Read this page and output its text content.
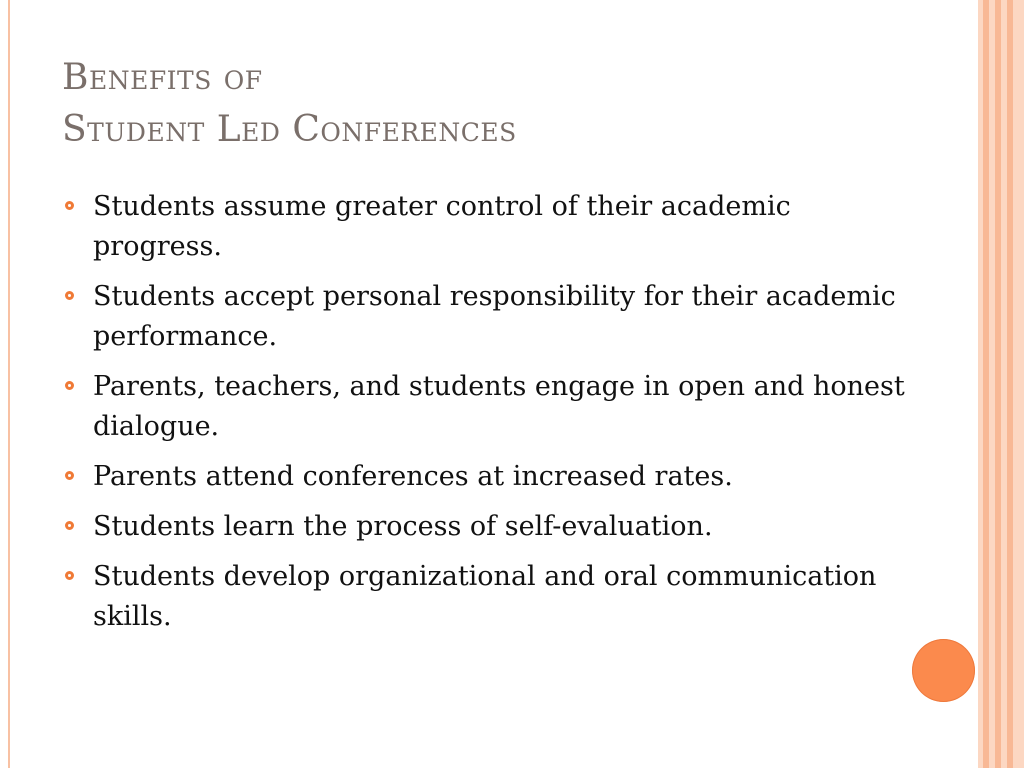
Benefits of
Student Led Conferences
Students assume greater control of their academic progress.
Students accept personal responsibility for their academic performance.
Parents, teachers, and students engage in open and honest dialogue.
Parents attend conferences at increased rates.
Students learn the process of self-evaluation.
Students develop organizational and oral communication skills.
